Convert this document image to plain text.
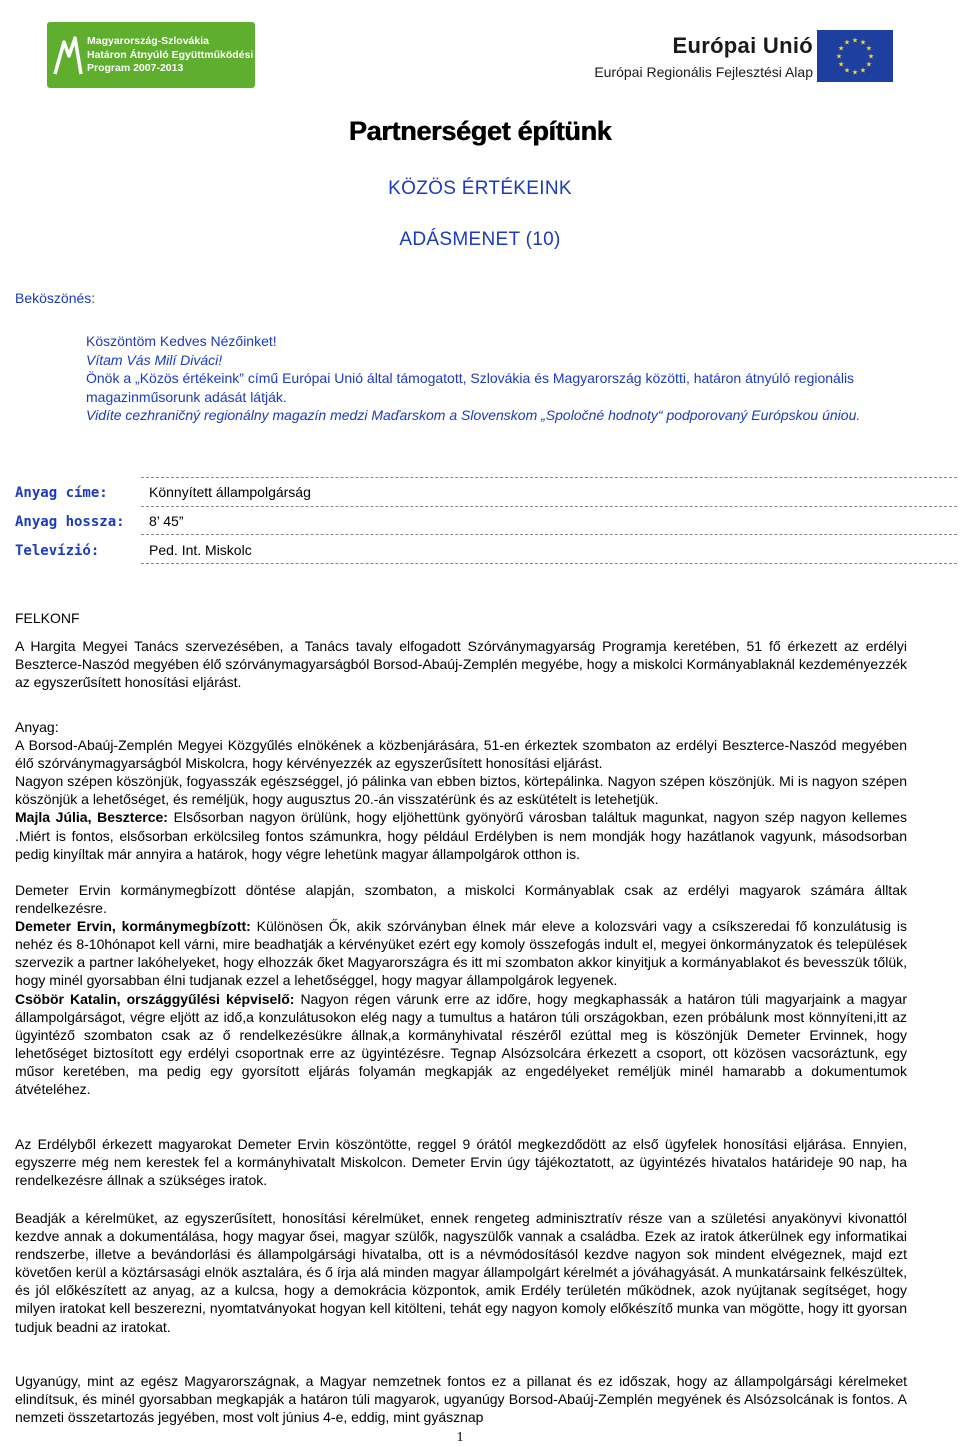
Magyarország-Szlovákia
Határon Átnyúló Együttműködési
Program 2007-2013
Európai Unió
Európai Regionális Fejlesztési Alap
★ ★
★
★
★
★
★
★
★
★
★
★
Partnerséget építünk
KÖZÖS ÉRTÉKEINK
ADÁSMENET (10)
Beköszönés:
Köszöntöm Kedves Nézőinket!
Vítam Vás Milí Diváci!
Önök a „Közös értékeink” című Európai Unió által támogatott, Szlovákia és Magyarország közötti, határon átnyúló regionális magazinműsorunk adását látják.
Vidíte cezhraničný regionálny magazín medzi Maďarskom a Slovenskom „Spoločné hodnoty“ podporovaný Európskou úniou.
Anyag címe:	Könnyített állampolgárság
Anyag hossza: 8’ 45”
Televízió:	Ped. Int. Miskolc

FELKONF

A Hargita Megyei Tanács szervezésében, a Tanács tavaly elfogadott Szórványmagyarság Programja keretében, 51 fő érkezett az erdélyi Beszterce-Naszód megyében élő szórványmagyarságból Borsod-Abaúj-Zemplén megyébe, hogy a miskolci Kormányablaknál kezdeményezzék az egyszerűsített honosítási eljárást.

Anyag:

A Borsod-Abaúj-Zemplén Megyei Közgyűlés elnökének a közbenjárására, 51-en érkeztek szombaton az erdélyi Beszterce-Naszód megyében élő szórványmagyarságból Miskolcra, hogy kérvényezzék az egyszerűsített honosítási eljárást.

Nagyon szépen köszönjük, fogyasszák egészséggel, jó pálinka van ebben biztos, körtepálinka. Nagyon szépen köszönjük. Mi is nagyon szépen köszönjük a lehetőséget, és reméljük, hogy augusztus 20.-án visszatérünk és az eskütételt is letehetjük.

Majla Júlia, Beszterce: Elsősorban nagyon örülünk, hogy eljöhettünk gyönyörű városban találtuk magunkat, nagyon szép nagyon kellemes .Miért is fontos, elsősorban erkölcsileg fontos számunkra, hogy például Erdélyben is nem mondják hogy hazátlanok vagyunk, másodsorban pedig kinyíltak már annyira a határok, hogy végre lehetünk magyar állampolgárok otthon is.

Demeter Ervin kormánymegbízott döntése alapján, szombaton, a miskolci Kormányablak csak az erdélyi magyarok számára álltak rendelkezésre.

Demeter Ervin, kormánymegbízott: Különösen Ők, akik szórványban élnek már eleve a kolozsvári vagy a csíkszeredai fő konzulátusig is nehéz és 8-10hónapot kell várni, mire beadhatják a kérvényüket ezért egy komoly összefogás indult el, megyei önkormányzatok és települések szervezik a partner lakóhelyeket, hogy elhozzák őket Magyarországra és itt mi szombaton akkor kinyitjuk a kormányablakot és bevesszük tőlük, hogy minél gyorsabban élni tudjanak ezzel a lehetőséggel, hogy magyar állampolgárok legyenek.

Csöbör Katalin, országgyűlési képviselő: Nagyon régen várunk erre az időre, hogy megkaphassák a határon túli magyarjaink a magyar állampolgárságot, végre eljött az idő,a konzulátusokon elég nagy a tumultus a határon túli országokban, ezen próbálunk most könnyíteni,itt az ügyintéző szombaton csak az ő rendelkezésükre állnak,a kormányhivatal részéről ezúttal meg is köszönjük Demeter Ervinnek, hogy lehetőséget biztosított egy erdélyi csoportnak erre az ügyintézésre. Tegnap Alsózsolcára érkezett a csoport, ott közösen vacsoráztunk, egy műsor keretében, ma pedig egy gyorsított eljárás folyamán megkapják az engedélyeket reméljük minél hamarabb a dokumentumok átvételéhez.

Az Erdélyből érkezett magyarokat Demeter Ervin köszöntötte, reggel 9 órától megkezdődött az első ügyfelek honosítási eljárása. Ennyien, egyszerre még nem kerestek fel a kormányhivatalt Miskolcon. Demeter Ervin úgy tájékoztatott, az ügyintézés hivatalos határideje 90 nap, ha rendelkezésre állnak a szükséges iratok.
Beadják a kérelmüket, az egyszerűsített, honosítási kérelmüket, ennek rengeteg adminisztratív része van a születési anyakönyvi kivonattól kezdve annak a dokumentálása, hogy magyar ősei, magyar szülők, nagyszülők vannak a családba. Ezek az iratok átkerülnek egy informatikai rendszerbe, illetve a bevándorlási és állampolgársági hivatalba, ott is a névmódosításól kezdve nagyon sok mindent elvégeznek, majd ezt követően kerül a köztársasági elnök asztalára, és ő írja alá minden magyar állampolgárt kérelmét a jóváhagyását. A munkatársaink felkészültek, és jól előkészített az anyag, az a kulcsa, hogy a demokrácia központok, amik Erdély területén működnek, azok nyújtanak segítséget, hogy milyen iratokat kell beszerezni, nyomtatványokat hogyan kell kitölteni, tehát egy nagyon komoly előkészítő munka van mögötte, hogy itt gyorsan tudjuk beadni az iratokat.
Ugyanúgy, mint az egész Magyarországnak, a Magyar nemzetnek fontos ez a pillanat és ez időszak, hogy az állampolgársági kérelmeket elindítsuk, és minél gyorsabban megkapják a határon túli magyarok, ugyanúgy Borsod-Abaúj-Zemplén megyének és Alsózsolcának is fontos. A nemzeti összetartozás jegyében, most volt június 4-e, eddig, mint gyásznap
1
